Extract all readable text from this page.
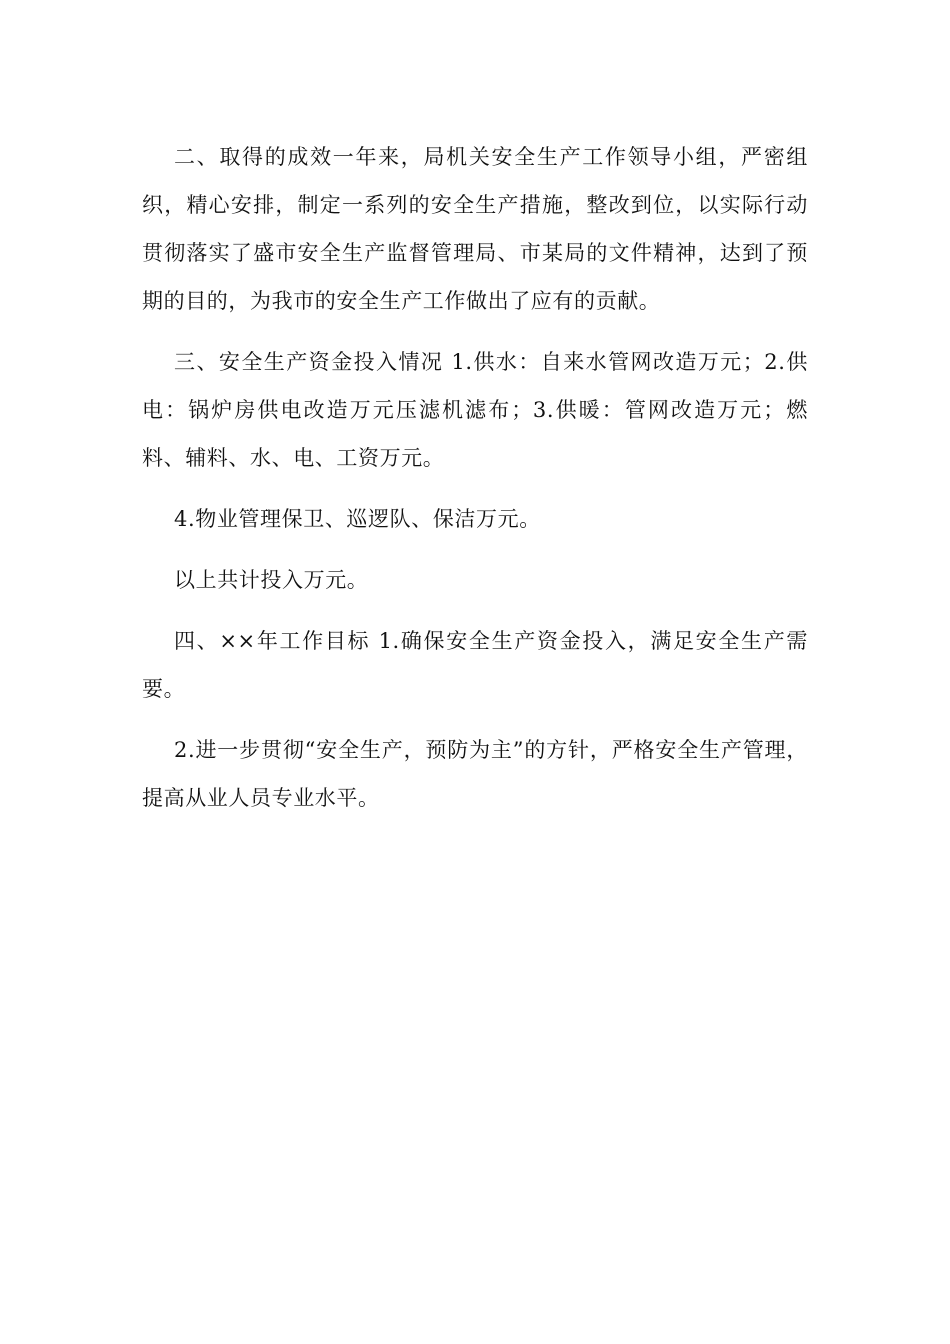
二、取得的成效一年来，局机关安全生产工作领导小组，严密组织，精心安排，制定一系列的安全生产措施，整改到位，以实际行动贯彻落实了盛市安全生产监督管理局、市某局的文件精神，达到了预期的目的，为我市的安全生产工作做出了应有的贡献。

三、安全生产资金投入情况 1.供水：自来水管网改造万元；2.供电：锅炉房供电改造万元压滤机滤布；3.供暖：管网改造万元；燃料、辅料、水、电、工资万元。

4.物业管理保卫、巡逻队、保洁万元。

以上共计投入万元。

四、××年工作目标 1.确保安全生产资金投入，满足安全生产需要。

2.进一步贯彻“安全生产，预防为主”的方针，严格安全生产管理，提高从业人员专业水平。
